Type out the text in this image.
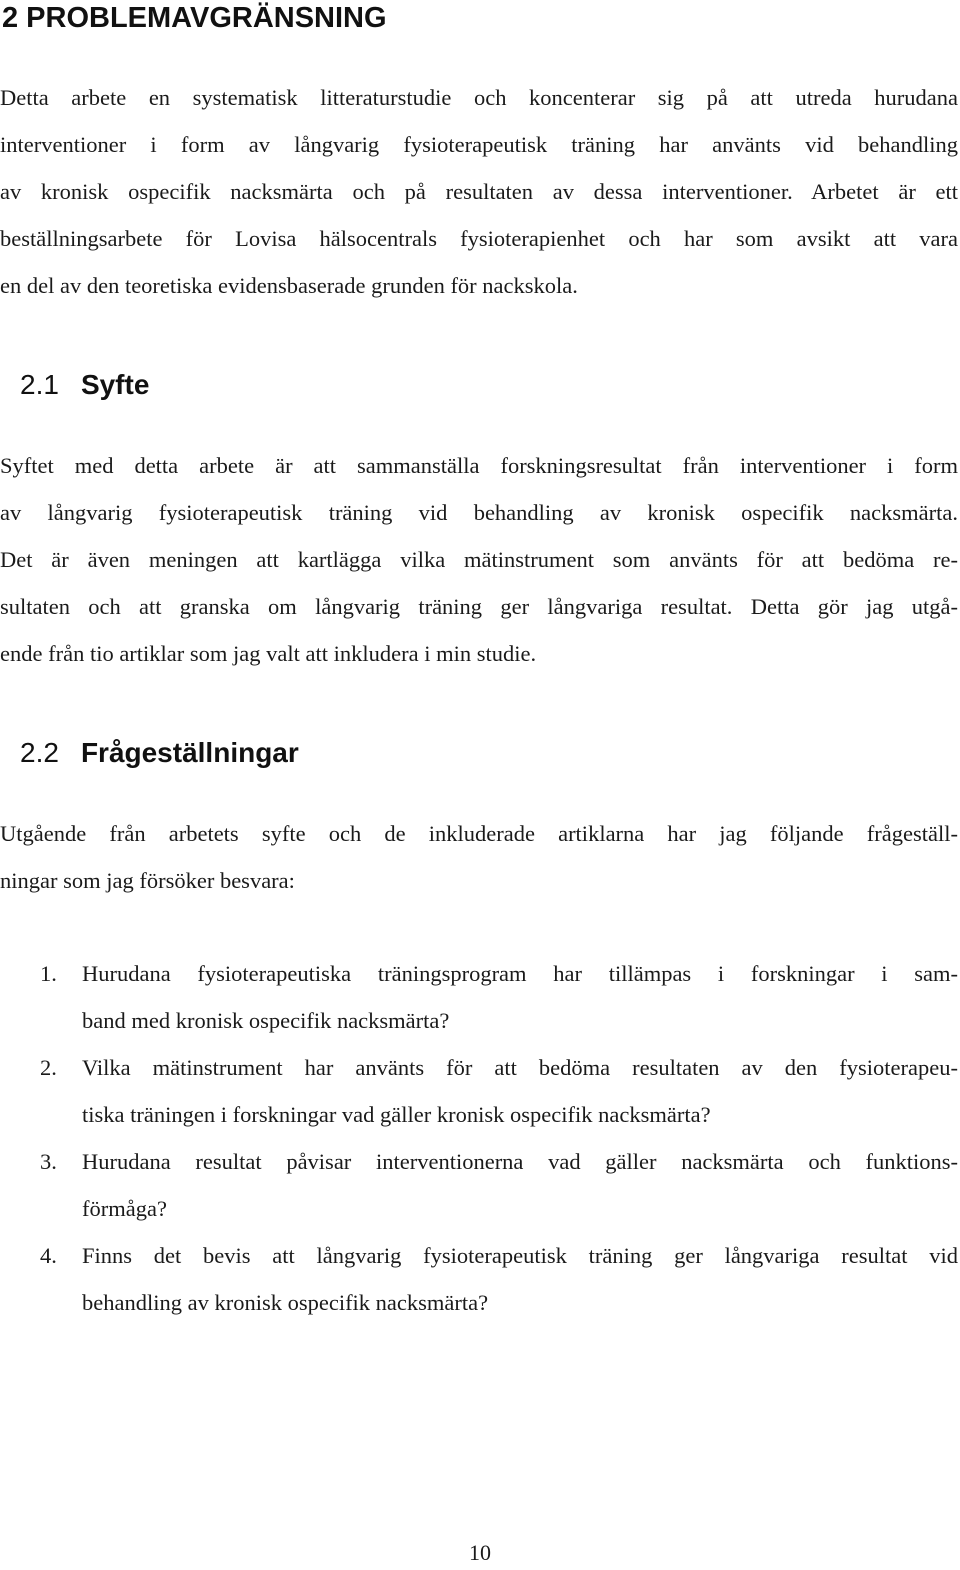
2 PROBLEMAVGRÄNSNING
Detta arbete en systematisk litteraturstudie och koncenterar sig på att utreda hurudana
interventioner i form av långvarig fysioterapeutisk träning har använts vid behandling
av kronisk ospecifik nacksmärta och på resultaten av dessa interventioner. Arbetet är ett
beställningsarbete för Lovisa hälsocentrals fysioterapienhet och har som avsikt att vara
en del av den teoretiska evidensbaserade grunden för nackskola.
2.1 Syfte
Syftet med detta arbete är att sammanställa forskningsresultat från interventioner i form
av långvarig fysioterapeutisk träning vid behandling av kronisk ospecifik nacksmärta.
Det är även meningen att kartlägga vilka mätinstrument som använts för att bedöma re-
sultaten och att granska om långvarig träning ger långvariga resultat. Detta gör jag utgå-
ende från tio artiklar som jag valt att inkludera i min studie.
2.2 Frågeställningar
Utgående från arbetets syfte och de inkluderade artiklarna har jag följande frågeställ-
ningar som jag försöker besvara:
1. Hurudana fysioterapeutiska träningsprogram har tillämpas i forskningar i sam-
band med kronisk ospecifik nacksmärta?
2. Vilka mätinstrument har använts för att bedöma resultaten av den fysioterapeu-
tiska träningen i forskningar vad gäller kronisk ospecifik nacksmärta?
3. Hurudana resultat påvisar interventionerna vad gäller nacksmärta och funktions-
förmåga?
4. Finns det bevis att långvarig fysioterapeutisk träning ger långvariga resultat vid
behandling av kronisk ospecifik nacksmärta?
10
